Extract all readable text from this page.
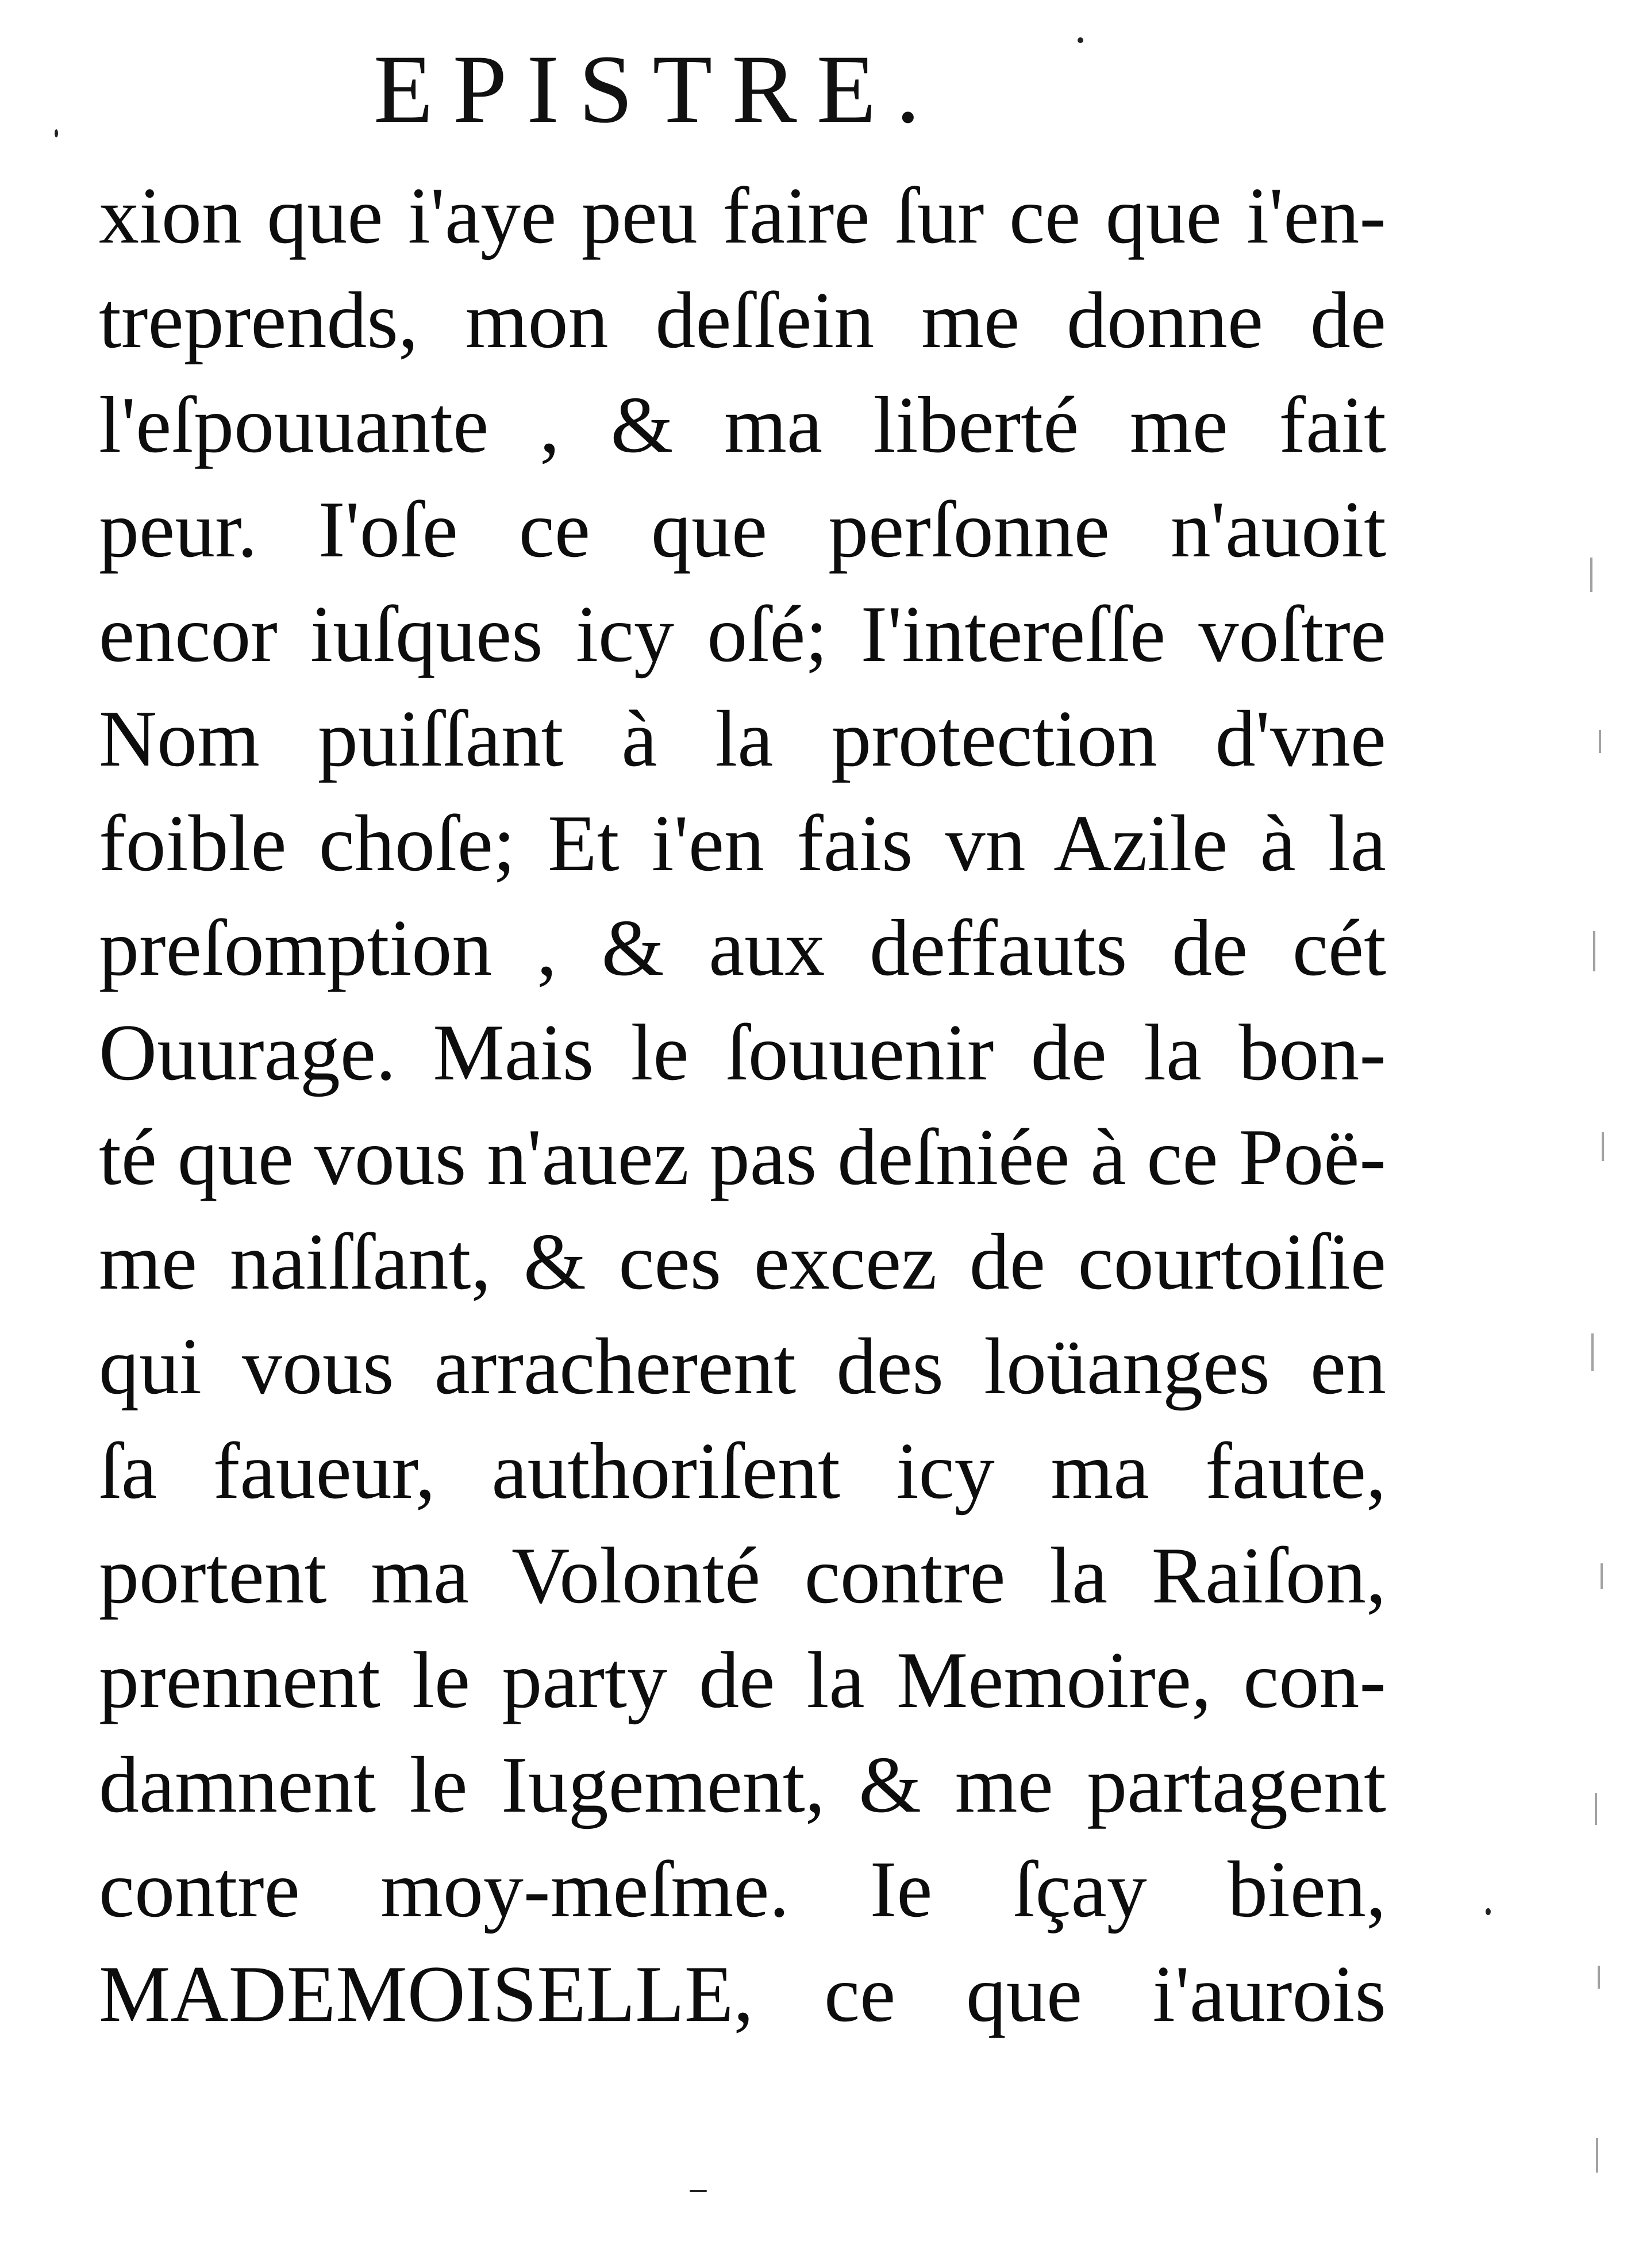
EPISTRE.
xion que i'aye peu faire ſur ce que i'en-
treprends, mon deſſein me donne de
l'eſpouuante , & ma liberté me fait
peur. I'oſe ce que perſonne n'auoit
encor iuſques icy oſé; I'intereſſe voſtre
Nom puiſſant à la protection d'vne
foible choſe; Et i'en fais vn Azile à la
preſomption , & aux deffauts de cét
Ouurage. Mais le ſouuenir de la bon-
té que vous n'auez pas deſniée à ce Poë-
me naiſſant, & ces excez de courtoiſie
qui vous arracherent des loüanges en
ſa faueur, authoriſent icy ma faute,
portent ma Volonté contre la Raiſon,
prennent le party de la Memoire, con-
damnent le Iugement, & me partagent
contre moy-meſme. Ie ſçay bien,
MADEMOISELLE, ce que i'aurois
